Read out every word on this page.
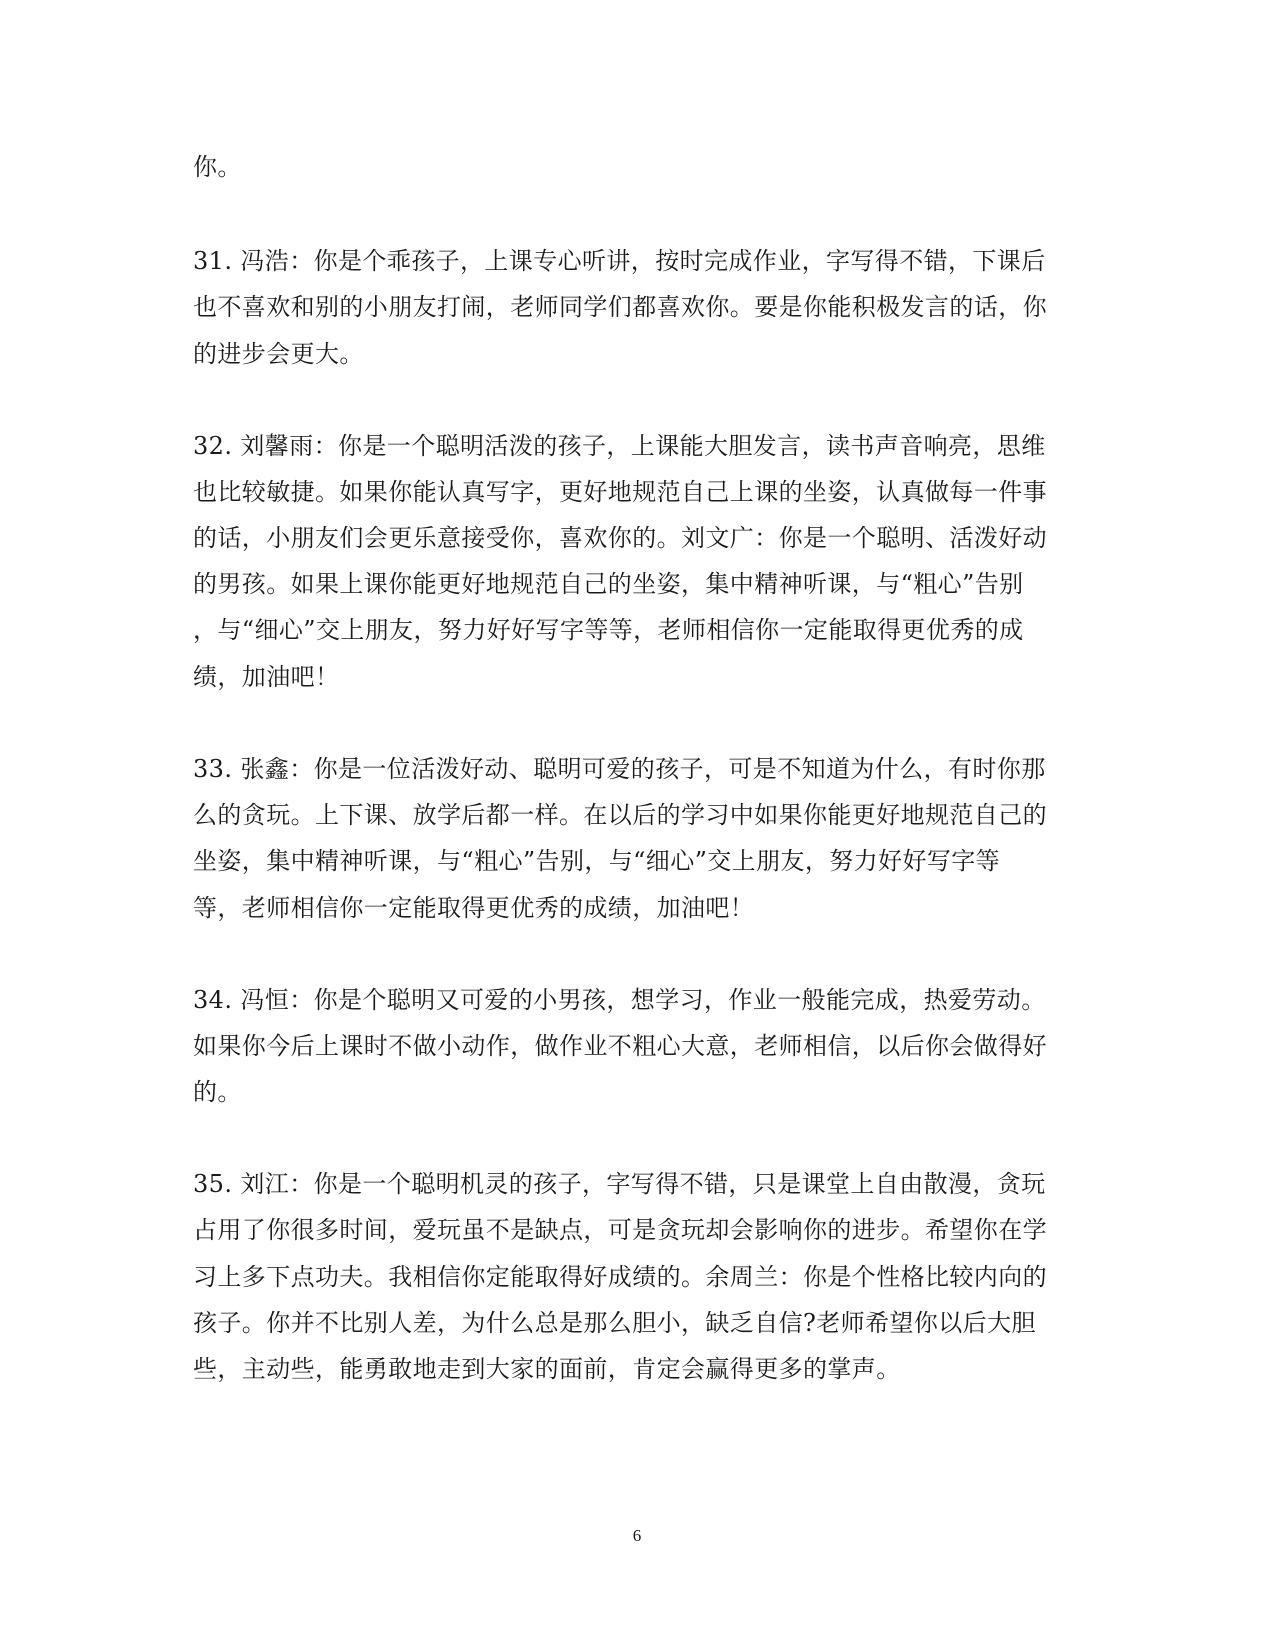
你。
31. 冯浩：你是个乖孩子，上课专心听讲，按时完成作业，字写得不错，下课后
也不喜欢和别的小朋友打闹，老师同学们都喜欢你。要是你能积极发言的话，你
的进步会更大。
32. 刘馨雨：你是一个聪明活泼的孩子，上课能大胆发言，读书声音响亮，思维
也比较敏捷。如果你能认真写字，更好地规范自己上课的坐姿，认真做每一件事
的话，小朋友们会更乐意接受你，喜欢你的。刘文广：你是一个聪明、活泼好动
的男孩。如果上课你能更好地规范自己的坐姿，集中精神听课，与“粗心”告别
，与“细心”交上朋友，努力好好写字等等，老师相信你一定能取得更优秀的成
绩，加油吧！
33. 张鑫：你是一位活泼好动、聪明可爱的孩子，可是不知道为什么，有时你那
么的贪玩。上下课、放学后都一样。在以后的学习中如果你能更好地规范自己的
坐姿，集中精神听课，与“粗心”告别，与“细心”交上朋友，努力好好写字等
等，老师相信你一定能取得更优秀的成绩，加油吧！
34. 冯恒：你是个聪明又可爱的小男孩，想学习，作业一般能完成，热爱劳动。
如果你今后上课时不做小动作，做作业不粗心大意，老师相信，以后你会做得好
的。
35. 刘江：你是一个聪明机灵的孩子，字写得不错，只是课堂上自由散漫，贪玩
占用了你很多时间，爱玩虽不是缺点，可是贪玩却会影响你的进步。希望你在学
习上多下点功夫。我相信你定能取得好成绩的。余周兰：你是个性格比较内向的
孩子。你并不比别人差，为什么总是那么胆小，缺乏自信?老师希望你以后大胆
些，主动些，能勇敢地走到大家的面前，肯定会赢得更多的掌声。
6
